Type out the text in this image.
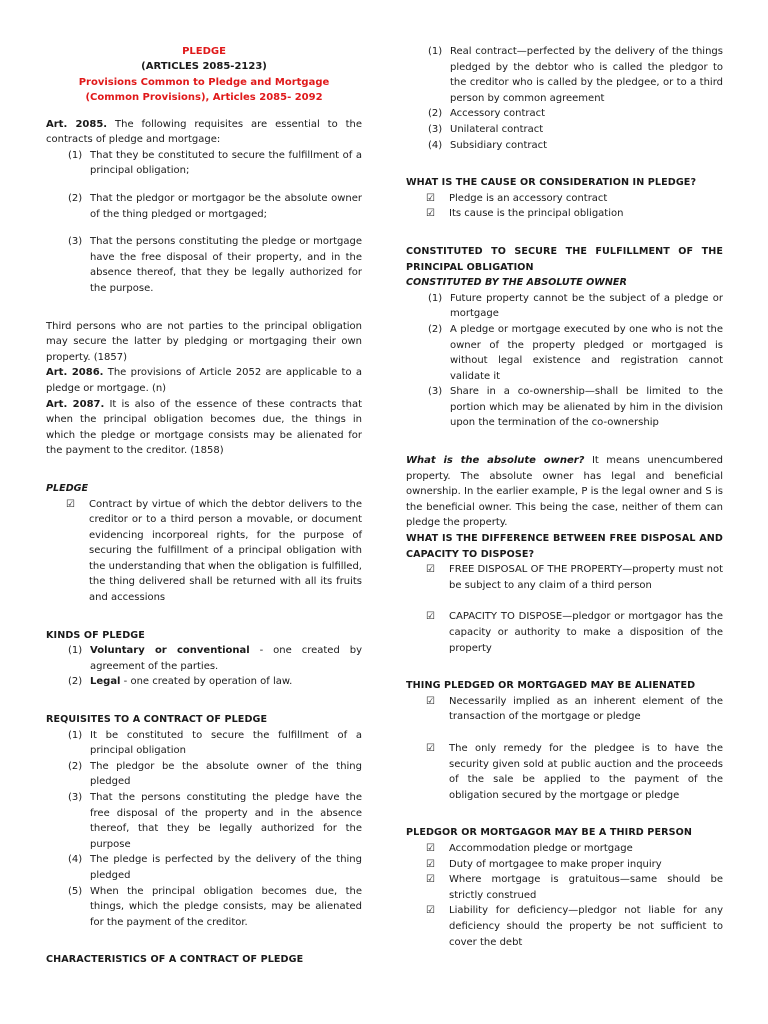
PLEDGE
(ARTICLES 2085-2123)
Provisions Common to Pledge and Mortgage
(Common Provisions), Articles 2085- 2092

Art. 2085. The following requisites are essential to the contracts of pledge and mortgage:

(1) That they be constituted to secure the fulfillment of a principal obligation;
(2) That the pledgor or mortgagor be the absolute owner of the thing pledged or mortgaged;
(3) That the persons constituting the pledge or mortgage have the free disposal of their property, and in the absence thereof, that they be legally authorized for the purpose.

Third persons who are not parties to the principal obligation may secure the latter by pledging or mortgaging their own property. (1857)

Art. 2086. The provisions of Article 2052 are applicable to a pledge or mortgage. (n)

Art. 2087. It is also of the essence of these contracts that when the principal obligation becomes due, the things in which the pledge or mortgage consists may be alienated for the payment to the creditor. (1858)

PLEDGE

☑	Contract by virtue of which the debtor delivers to the creditor or to a third person a movable, or document evidencing incorporeal rights, for the purpose of securing the fulfillment of a principal obligation with the understanding that when the obligation is fulfilled, the thing delivered shall be returned with all its fruits and accessions

KINDS OF PLEDGE

(1) Voluntary or conventional - one created by agreement of the parties.
(2) Legal - one created by operation of law.

REQUISITES TO A CONTRACT OF PLEDGE

(1) It be constituted to secure the fulfillment of a principal obligation
(2) The pledgor be the absolute owner of the thing pledged
(3) That the persons constituting the pledge have the free disposal of the property and in the absence thereof, that they be legally authorized for the purpose
(4) The pledge is perfected by the delivery of the thing pledged
(5) When the principal obligation becomes due, the things, which the pledge consists, may be alienated for the payment of the creditor.

CHARACTERISTICS OF A CONTRACT OF PLEDGE

(1) Real contract—perfected by the delivery of the things pledged by the debtor who is called the pledgor to the creditor who is called by the pledgee, or to a third person by common agreement
(2) Accessory contract
(3) Unilateral contract
(4) Subsidiary contract

WHAT IS THE CAUSE OR CONSIDERATION IN PLEDGE?

☑	Pledge is an accessory contract
☑	Its cause is the principal obligation

CONSTITUTED TO SECURE THE FULFILLMENT OF THE PRINCIPAL OBLIGATION

CONSTITUTED BY THE ABSOLUTE OWNER

(1) Future property cannot be the subject of a pledge or mortgage
(2) A pledge or mortgage executed by one who is not the owner of the property pledged or mortgaged is without legal existence and registration cannot validate it
(3) Share in a co-ownership—shall be limited to the portion which may be alienated by him in the division upon the termination of the co-ownership

What is the absolute owner? It means unencumbered property. The absolute owner has legal and beneficial ownership. In the earlier example, P is the legal owner and S is the beneficial owner. This being the case, neither of them can pledge the property.

WHAT IS THE DIFFERENCE BETWEEN FREE DISPOSAL AND CAPACITY TO DISPOSE?

☑	FREE DISPOSAL OF THE PROPERTY—property must not be subject to any claim of a third person
☑	CAPACITY TO DISPOSE—pledgor or mortgagor has the capacity or authority to make a disposition of the property

THING PLEDGED OR MORTGAGED MAY BE ALIENATED

☑	Necessarily implied as an inherent element of the transaction of the mortgage or pledge
☑	The only remedy for the pledgee is to have the security given sold at public auction and the proceeds of the sale be applied to the payment of the obligation secured by the mortgage or pledge

PLEDGOR OR MORTGAGOR MAY BE A THIRD PERSON

☑	Accommodation pledge or mortgage
☑	Duty of mortgagee to make proper inquiry
☑	Where mortgage is gratuitous—same should be strictly construed
☑	Liability for deficiency—pledgor not liable for any deficiency should the property be not sufficient to cover the debt
